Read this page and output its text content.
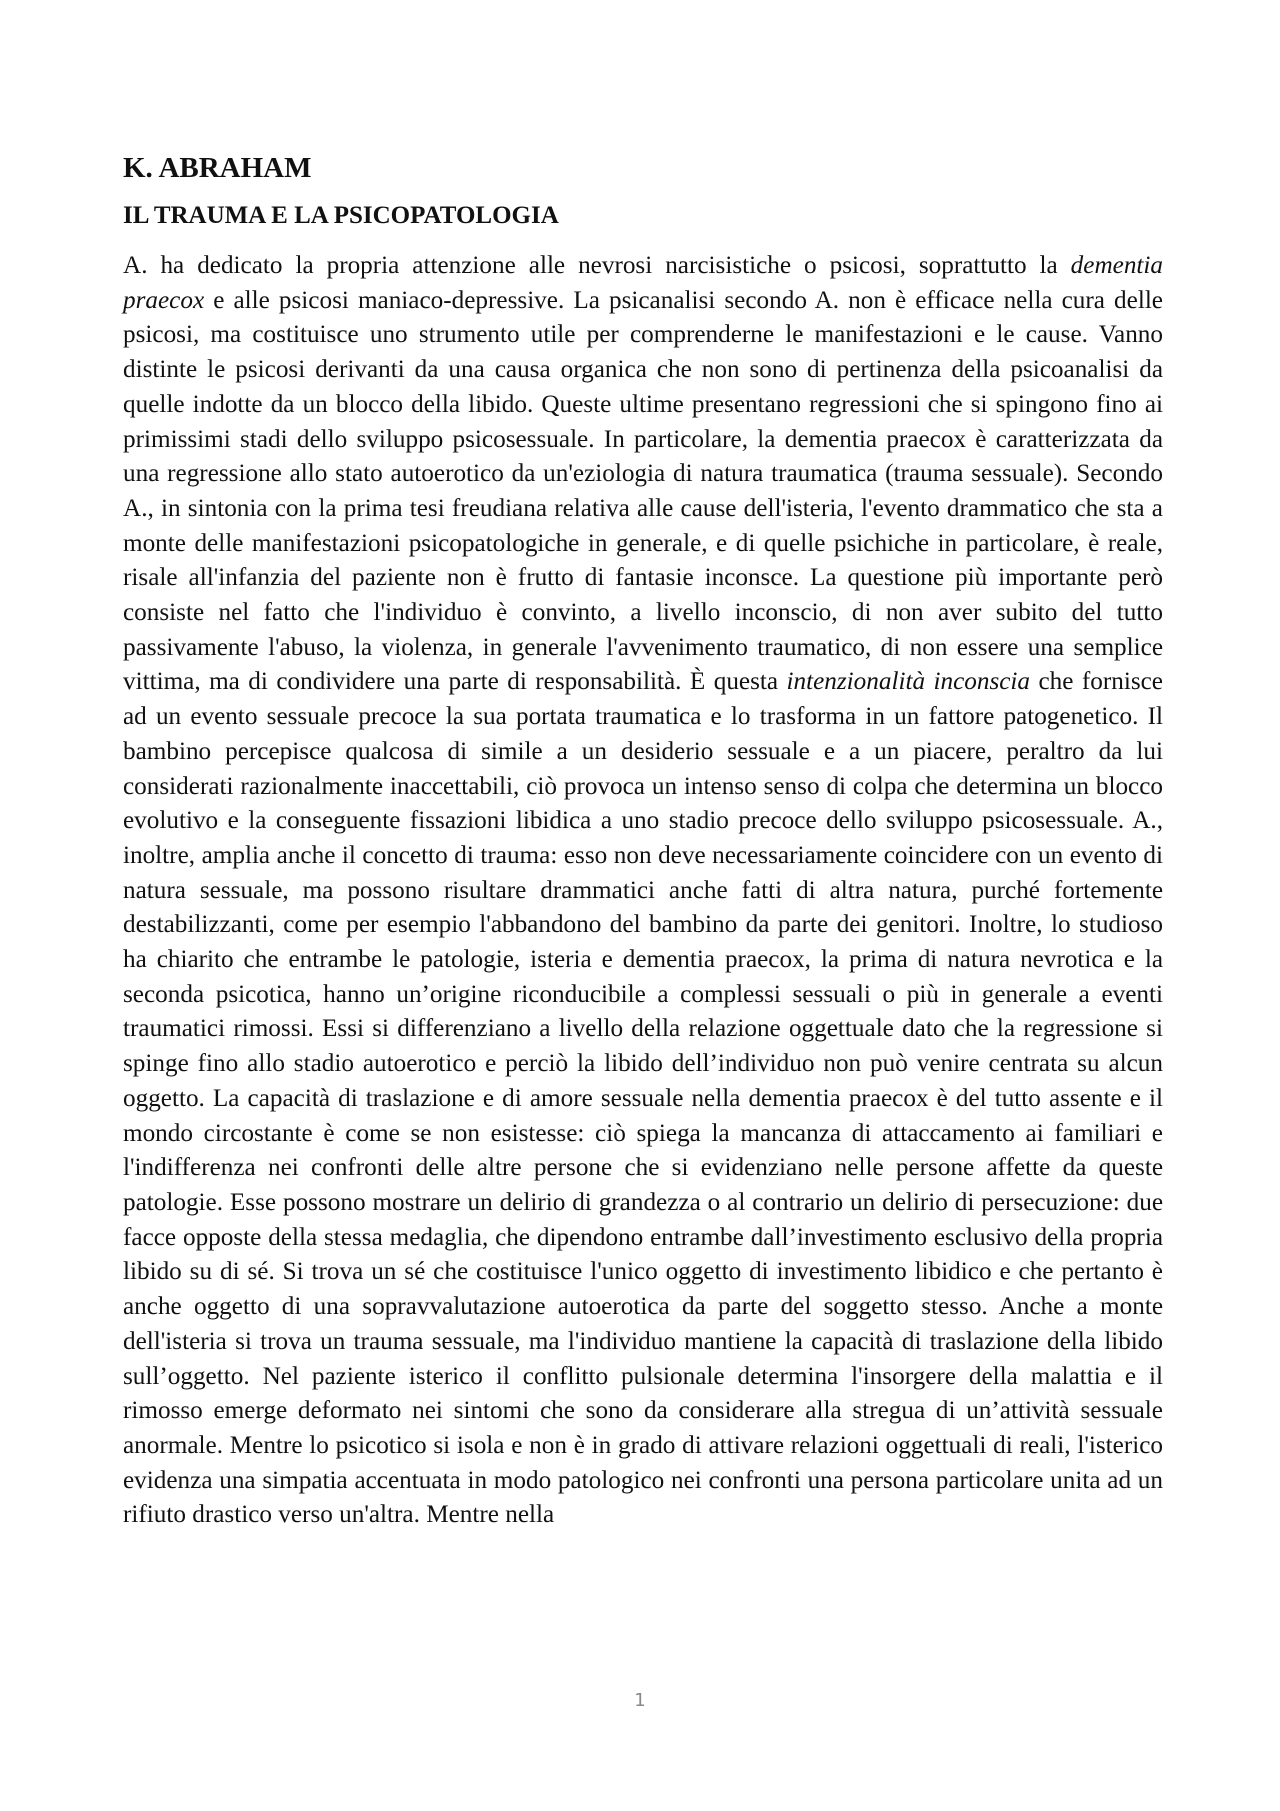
K. ABRAHAM
IL TRAUMA E LA PSICOPATOLOGIA

A. ha dedicato la propria attenzione alle nevrosi narcisistiche o psicosi, soprattutto la dementia praecox e alle psicosi maniaco-depressive. La psicanalisi secondo A. non è efficace nella cura delle psicosi, ma costituisce uno strumento utile per comprenderne le manifestazioni e le cause. Vanno distinte le psicosi derivanti da una causa organica che non sono di pertinenza della psicoanalisi da quelle indotte da un blocco della libido. Queste ultime presentano regressioni che si spingono fino ai primissimi stadi dello sviluppo psicosessuale. In particolare, la dementia praecox è caratterizzata da una regressione allo stato autoerotico da un'eziologia di natura traumatica (trauma sessuale). Secondo A., in sintonia con la prima tesi freudiana relativa alle cause dell'isteria, l'evento drammatico che sta a monte delle manifestazioni psicopatologiche in generale, e di quelle psichiche in particolare, è reale, risale all'infanzia del paziente non è frutto di fantasie inconsce. La questione più importante però consiste nel fatto che l'individuo è convinto, a livello inconscio, di non aver subito del tutto passivamente l'abuso, la violenza, in generale l'avvenimento traumatico, di non essere una semplice vittima, ma di condividere una parte di responsabilità. È questa intenzionalità inconscia che fornisce ad un evento sessuale precoce la sua portata traumatica e lo trasforma in un fattore patogenetico. Il bambino percepisce qualcosa di simile a un desiderio sessuale e a un piacere, peraltro da lui considerati razionalmente inaccettabili, ciò provoca un intenso senso di colpa che determina un blocco evolutivo e la conseguente fissazioni libidica a uno stadio precoce dello sviluppo psicosessuale. A., inoltre, amplia anche il concetto di trauma: esso non deve necessariamente coincidere con un evento di natura sessuale, ma possono risultare drammatici anche fatti di altra natura, purché fortemente destabilizzanti, come per esempio l'abbandono del bambino da parte dei genitori. Inoltre, lo studioso ha chiarito che entrambe le patologie, isteria e dementia praecox, la prima di natura nevrotica e la seconda psicotica, hanno un’origine riconducibile a complessi sessuali o più in generale a eventi traumatici rimossi. Essi si differenziano a livello della relazione oggettuale dato che la regressione si spinge fino allo stadio autoerotico e perciò la libido dell’individuo non può venire centrata su alcun oggetto. La capacità di traslazione e di amore sessuale nella dementia praecox è del tutto assente e il mondo circostante è come se non esistesse: ciò spiega la mancanza di attaccamento ai familiari e l'indifferenza nei confronti delle altre persone che si evidenziano nelle persone affette da queste patologie. Esse possono mostrare un delirio di grandezza o al contrario un delirio di persecuzione: due facce opposte della stessa medaglia, che dipendono entrambe dall’investimento esclusivo della propria libido su di sé. Si trova un sé che costituisce l'unico oggetto di investimento libidico e che pertanto è anche oggetto di una sopravvalutazione autoerotica da parte del soggetto stesso. Anche a monte dell'isteria si trova un trauma sessuale, ma l'individuo mantiene la capacità di traslazione della libido sull’oggetto. Nel paziente isterico il conflitto pulsionale determina l'insorgere della malattia e il rimosso emerge deformato nei sintomi che sono da considerare alla stregua di un’attività sessuale anormale. Mentre lo psicotico si isola e non è in grado di attivare relazioni oggettuali di reali, l'isterico evidenza una simpatia accentuata in modo patologico nei confronti una persona particolare unita ad un rifiuto drastico verso un'altra. Mentre nella

1
